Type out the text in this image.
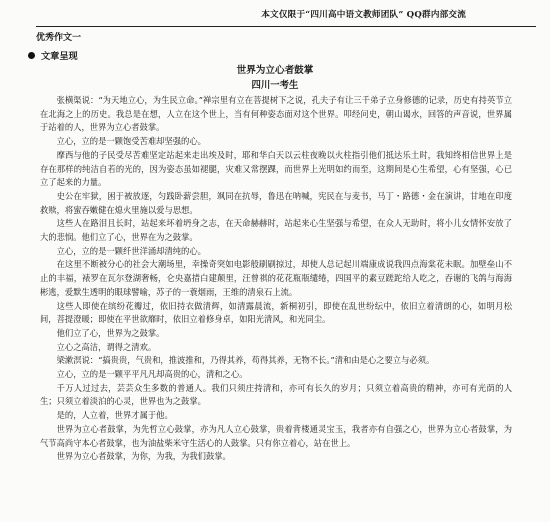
本文仅限于“四川高中语文教师团队” QQ群内部交流
优秀作文一
文章呈现
世界为立心者鼓掌
四川一考生

张横渠说：“为天地立心，为生民立命。”禅宗里有立在菩提树下之说，孔夫子有让三千弟子立身修德的记录，历史有持英节立在北海之上的历史。我总是在想，人立在这个世上，当有何种姿态面对这个世界。叩经问史，朝山谒水，回答的声音说，世界属于站着的人，世界为立心者鼓掌。

立心，立的是一颗饱受苦难却坚强的心。

摩西与他的子民受尽苦难坚定站起来走出埃及时，耶和华白天以云柱夜晚以火柱指引他们抵达乐土时，我知终相信世界上是存在那样的纯洁自若的光的，因为姿态虽如褪腿，灾难又常摆踝，而世界上光明如约而至，这期间是心生希望，心有坚强，心已立了起来的力量。

史公在牢狱，困于被放逐，匀践卧薪尝胆，飒同在抗辱，鲁迅在呐喊，宪民在与麦书，马丁・路德・金在演讲，甘地在印度救赎，将蜜吞嫩健在熄火里施以爱与思想。

这些人在路泪且长时，站起来坏着坍身之志，在天命赫赫时，站起来心生坚强与希望，在众人无助时，将小儿女情怀安放了大的悲悯。他们立了心，世界在为之鼓掌。

立心，立的是一颗纤世洋涌却清纯的心。

在这里不断被分心的社会大潮场里，幸操奇突如电影般刷刷掠过，却使人总记起川端康成说我四点海棠花未眠。加壁垒山不止的丰福，裱罗在瓦尔登湖奢畅，仑央嘉措白建颠里，汪曾祺的花花瓶瓶缱绻，四国平的素豆蹉跎给人吃之，吞谢的飞鸽与海海彬逃，爱默生透明的眼球譬喻，苏子的一蓑烟雨，王维的清泉石上流。

这些人即使在缤纷花瓣过，依旧持衣做清辉，如清露晨流，新桐初引，即使在乱世纷纭中，依旧立着清朗的心，如明月松间，菩提澄暖；即使在平世欲靡时，依旧立着修身卓，如阳光清风，和光同尘。

他们立了心，世界为之鼓掌。

立心之高洁，谓得之清欢。

梁漱溟说：“搞贵贵，气贵和，推波推和，乃得其养，苟得其养，无物不长。”清和由是心之要立与必须。

立心，立的是一颗平平凡凡却高贵的心，清和之心。

千万人过过去，芸芸众生多数的普通人。我们只须庄持清和，亦可有长久的岁月；只须立着高贵的精神，亦可有光荫的人生；只须立着淡泊的心灵，世界也为之鼓掌。

是的，人立着，世界才属于他。

世界为立心者鼓掌，为先哲立心鼓掌，亦为凡人立心鼓掌，贵着背楼通灵宝玉，我者亦有自强之心，世界为立心者鼓掌，为气节高尚守本心者鼓掌，也为油盐柴米守生活心的人鼓掌。只有你立着心，站在世上。

世界为立心者鼓掌，为你，为我，为我们鼓掌。
